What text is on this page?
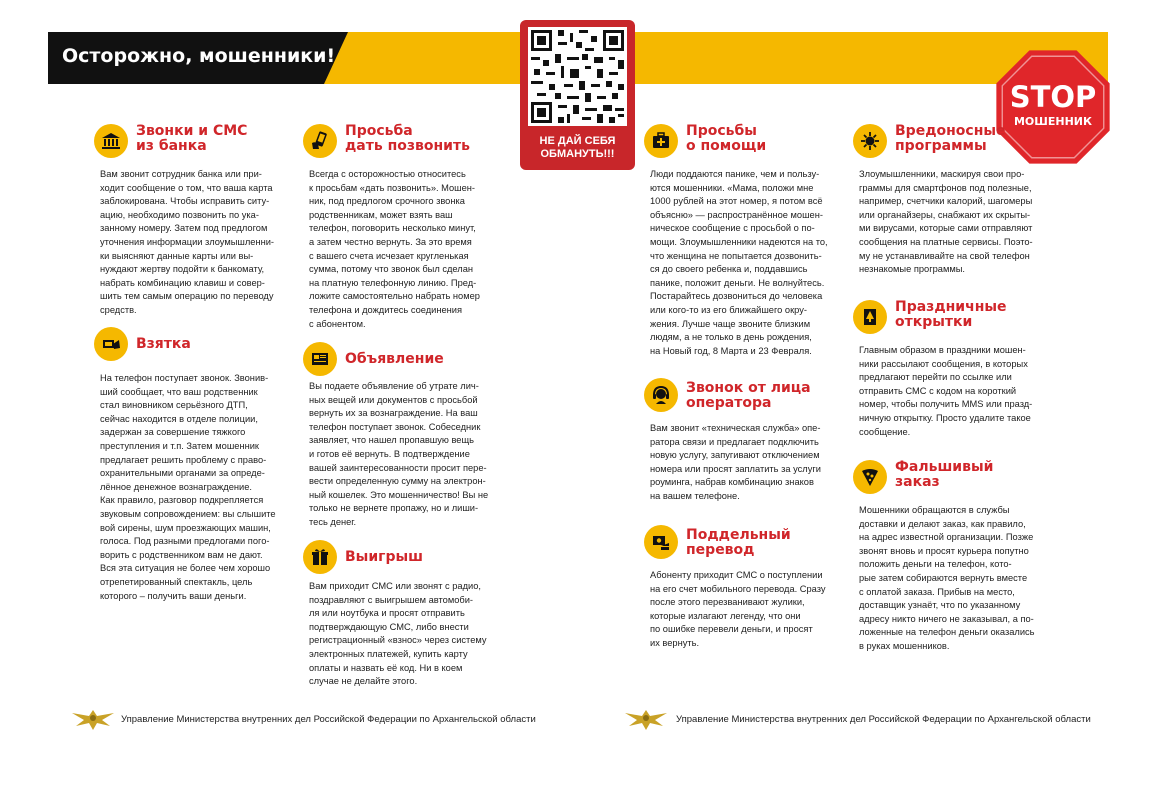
Осторожно, мошенники!
НЕ ДАЙ СЕБЯ
ОБМАНУТЬ!!!
STOP
МОШЕННИК
Звонки и СМС
из банка

Вам звонит сотрудник банка или при-
ходит сообщение о том, что ваша карта
заблокирована. Чтобы исправить ситу-
ацию, необходимо позвонить по ука-
занному номеру. Затем под предлогом
уточнения информации злоумышленни-
ки выясняют данные карты или вы-
нуждают жертву подойти к банкомату,
набрать комбинацию клавиш и совер-
шить тем самым операцию по переводу
средств.

Взятка

На телефон поступает звонок. Звонив-
ший сообщает, что ваш родственник
стал виновником серьёзного ДТП,
сейчас находится в отделе полиции,
задержан за совершение тяжкого
преступления и т.п. Затем мошенник
предлагает решить проблему с право-
охранительными органами за опреде-
лённое денежное вознаграждение.
Как правило, разговор подкрепляется
звуковым сопровождением: вы слышите
вой сирены, шум проезжающих машин,
голоса. Под разными предлогами пого-
ворить с родственником вам не дают.
Вся эта ситуация не более чем хорошо
отрепетированный спектакль, цель
которого – получить ваши деньги.

Просьба
дать позвонить

Всегда с осторожностью относитесь
к просьбам «дать позвонить». Мошен-
ник, под предлогом срочного звонка
родственникам, может взять ваш
телефон, поговорить несколько минут,
а затем честно вернуть. За это время
с вашего счета исчезает кругленькая
сумма, потому что звонок был сделан
на платную телефонную линию. Пред-
ложите самостоятельно набрать номер
телефона и дождитесь соединения
с абонентом.

Объявление

Вы подаете объявление об утрате лич-
ных вещей или документов с просьбой
вернуть их за вознаграждение. На ваш
телефон поступает звонок. Собеседник
заявляет, что нашел пропавшую вещь
и готов её вернуть. В подтверждение
вашей заинтересованности просит пере-
вести определенную сумму на электрон-
ный кошелек. Это мошенничество! Вы не
только не вернете пропажу, но и лиши-
тесь денег.

Выигрыш

Вам приходит СМС или звонят с радио,
поздравляют с выигрышем автомоби-
ля или ноутбука и просят отправить
подтверждающую СМС, либо внести
регистрационный «взнос» через систему
электронных платежей, купить карту
оплаты и назвать её код. Ни в коем
случае не делайте этого.

Просьбы
о помощи

Люди поддаются панике, чем и пользу-
ются мошенники. «Мама, положи мне
1000 рублей на этот номер, я потом всё
объясню» — распространённое мошен-
ническое сообщение с просьбой о по-
мощи. Злоумышленники надеются на то,
что женщина не попытается дозвонить-
ся до своего ребенка и, поддавшись
панике, положит деньги. Не волнуйтесь.
Постарайтесь дозвониться до человека
или кого-то из его ближайшего окру-
жения. Лучше чаще звоните близким
людям, а не только в день рождения,
на Новый год, 8 Марта и 23 Февраля.

Звонок от лица
оператора

Вам звонит «техническая служба» опе-
ратора связи и предлагает подключить
новую услугу, запугивают отключением
номера или просят заплатить за услуги
роуминга, набрав комбинацию знаков
на вашем телефоне.

Поддельный
перевод

Абоненту приходит СМС о поступлении
на его счет мобильного перевода. Сразу
после этого перезванивают жулики,
которые излагают легенду, что они
по ошибке перевели деньги, и просят
их вернуть.

Вредоносные
программы

Злоумышленники, маскируя свои про-
граммы для смартфонов под полезные,
например, счетчики калорий, шагомеры
или органайзеры, снабжают их скрыты-
ми вирусами, которые сами отправляют
сообщения на платные сервисы. Поэто-
му не устанавливайте на свой телефон
незнакомые программы.

Праздничные
открытки

Главным образом в праздники мошен-
ники рассылают сообщения, в которых
предлагают перейти по ссылке или
отправить СМС с кодом на короткий
номер, чтобы получить MMS или празд-
ничную открытку. Просто удалите такое
сообщение.

Фальшивый
заказ

Мошенники обращаются в службы
доставки и делают заказ, как правило,
на адрес известной организации. Позже
звонят вновь и просят курьера попутно
положить деньги на телефон, кото-
рые затем собираются вернуть вместе
с оплатой заказа. Прибыв на место,
доставщик узнаёт, что по указанному
адресу никто ничего не заказывал, а по-
ложенные на телефон деньги оказались
в руках мошенников.

Управление Министерства внутренних дел Российской Федерации по Архангельской области	Управление Министерства внутренних дел Российской Федерации по Архангельской области
